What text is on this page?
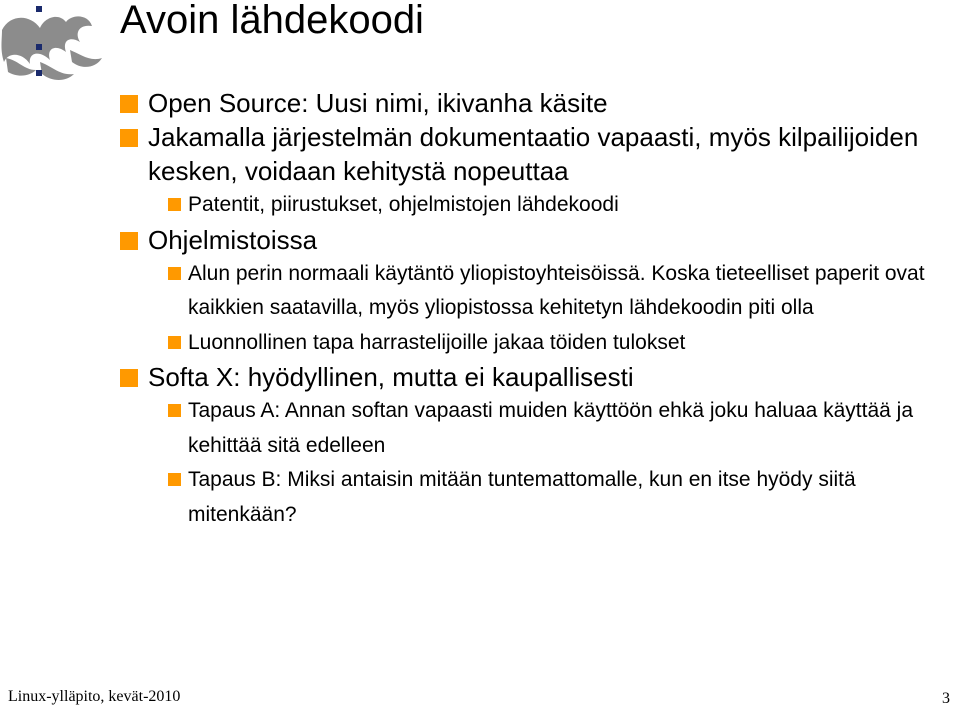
Avoin lähdekoodi
Open Source: Uusi nimi, ikivanha käsite
Jakamalla järjestelmän dokumentaatio vapaasti, myös kilpailijoiden kesken, voidaan kehitystä nopeuttaa
Patentit, piirustukset, ohjelmistojen lähdekoodi
Ohjelmistoissa
Alun perin normaali käytäntö yliopistoyhteisöissä. Koska tieteelliset paperit ovat kaikkien saatavilla, myös yliopistossa kehitetyn lähdekoodin piti olla
Luonnollinen tapa harrastelijoille jakaa töiden tulokset
Softa X: hyödyllinen, mutta ei kaupallisesti
Tapaus A: Annan softan vapaasti muiden käyttöön ehkä joku haluaa käyttää ja kehittää sitä edelleen
Tapaus B: Miksi antaisin mitään tuntemattomalle, kun en itse hyödy siitä mitenkään?
Linux-ylläpito, kevät-2010	3
